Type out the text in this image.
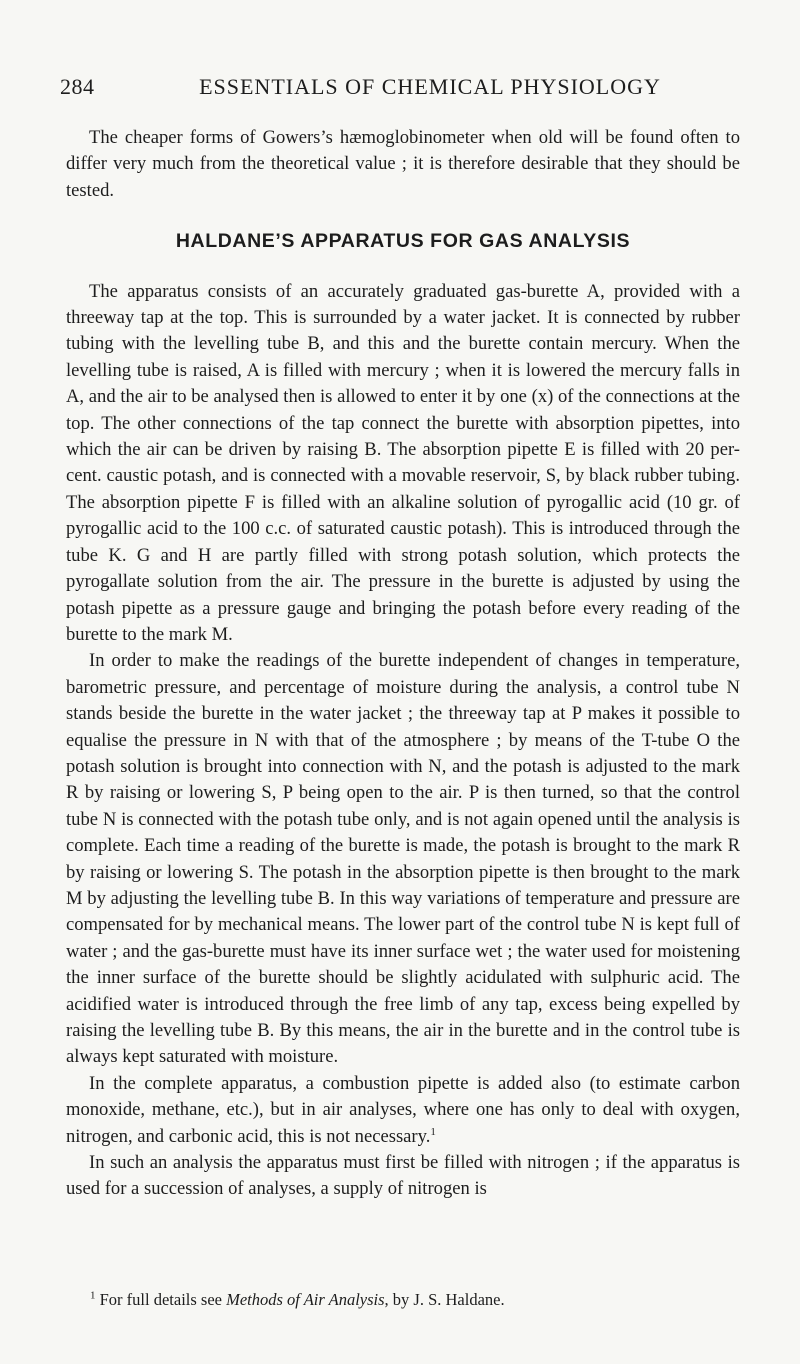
284	ESSENTIALS OF CHEMICAL PHYSIOLOGY

The cheaper forms of Gowers’s hæmoglobinometer when old will be found often to differ very much from the theoretical value ; it is therefore desirable that they should be tested.

HALDANE’S APPARATUS FOR GAS ANALYSIS

The apparatus consists of an accurately graduated gas-burette A, provided with a threeway tap at the top. This is surrounded by a water jacket. It is connected by rubber tubing with the levelling tube B, and this and the burette contain mercury. When the levelling tube is raised, A is filled with mercury ; when it is lowered the mercury falls in A, and the air to be analysed then is allowed to enter it by one (x) of the connections at the top. The other connections of the tap connect the burette with absorption pipettes, into which the air can be driven by raising B. The absorption pipette E is filled with 20 per-cent. caustic potash, and is connected with a movable reservoir, S, by black rubber tubing. The absorption pipette F is filled with an alkaline solution of pyrogallic acid (10 gr. of pyrogallic acid to the 100 c.c. of saturated caustic potash). This is introduced through the tube K. G and H are partly filled with strong potash solution, which protects the pyrogallate solution from the air. The pressure in the burette is adjusted by using the potash pipette as a pressure gauge and bringing the potash before every reading of the burette to the mark M.

In order to make the readings of the burette independent of changes in temperature, barometric pressure, and percentage of moisture during the analysis, a control tube N stands beside the burette in the water jacket ; the threeway tap at P makes it possible to equalise the pressure in N with that of the atmosphere ; by means of the T-tube O the potash solution is brought into connection with N, and the potash is adjusted to the mark R by raising or lowering S, P being open to the air. P is then turned, so that the control tube N is connected with the potash tube only, and is not again opened until the analysis is complete. Each time a reading of the burette is made, the potash is brought to the mark R by raising or lowering S. The potash in the absorption pipette is then brought to the mark M by adjusting the levelling tube B. In this way variations of temperature and pressure are compensated for by mechanical means. The lower part of the control tube N is kept full of water ; and the gas-burette must have its inner surface wet ; the water used for moistening the inner surface of the burette should be slightly acidulated with sulphuric acid. The acidified water is introduced through the free limb of any tap, excess being expelled by raising the levelling tube B. By this means, the air in the burette and in the control tube is always kept saturated with moisture.

In the complete apparatus, a combustion pipette is added also (to estimate carbon monoxide, methane, etc.), but in air analyses, where one has only to deal with oxygen, nitrogen, and carbonic acid, this is not necessary.$^1$

In such an analysis the apparatus must first be filled with nitrogen ; if the apparatus is used for a succession of analyses, a supply of nitrogen is

$^1$ For full details see Methods of Air Analysis, by J. S. Haldane.
